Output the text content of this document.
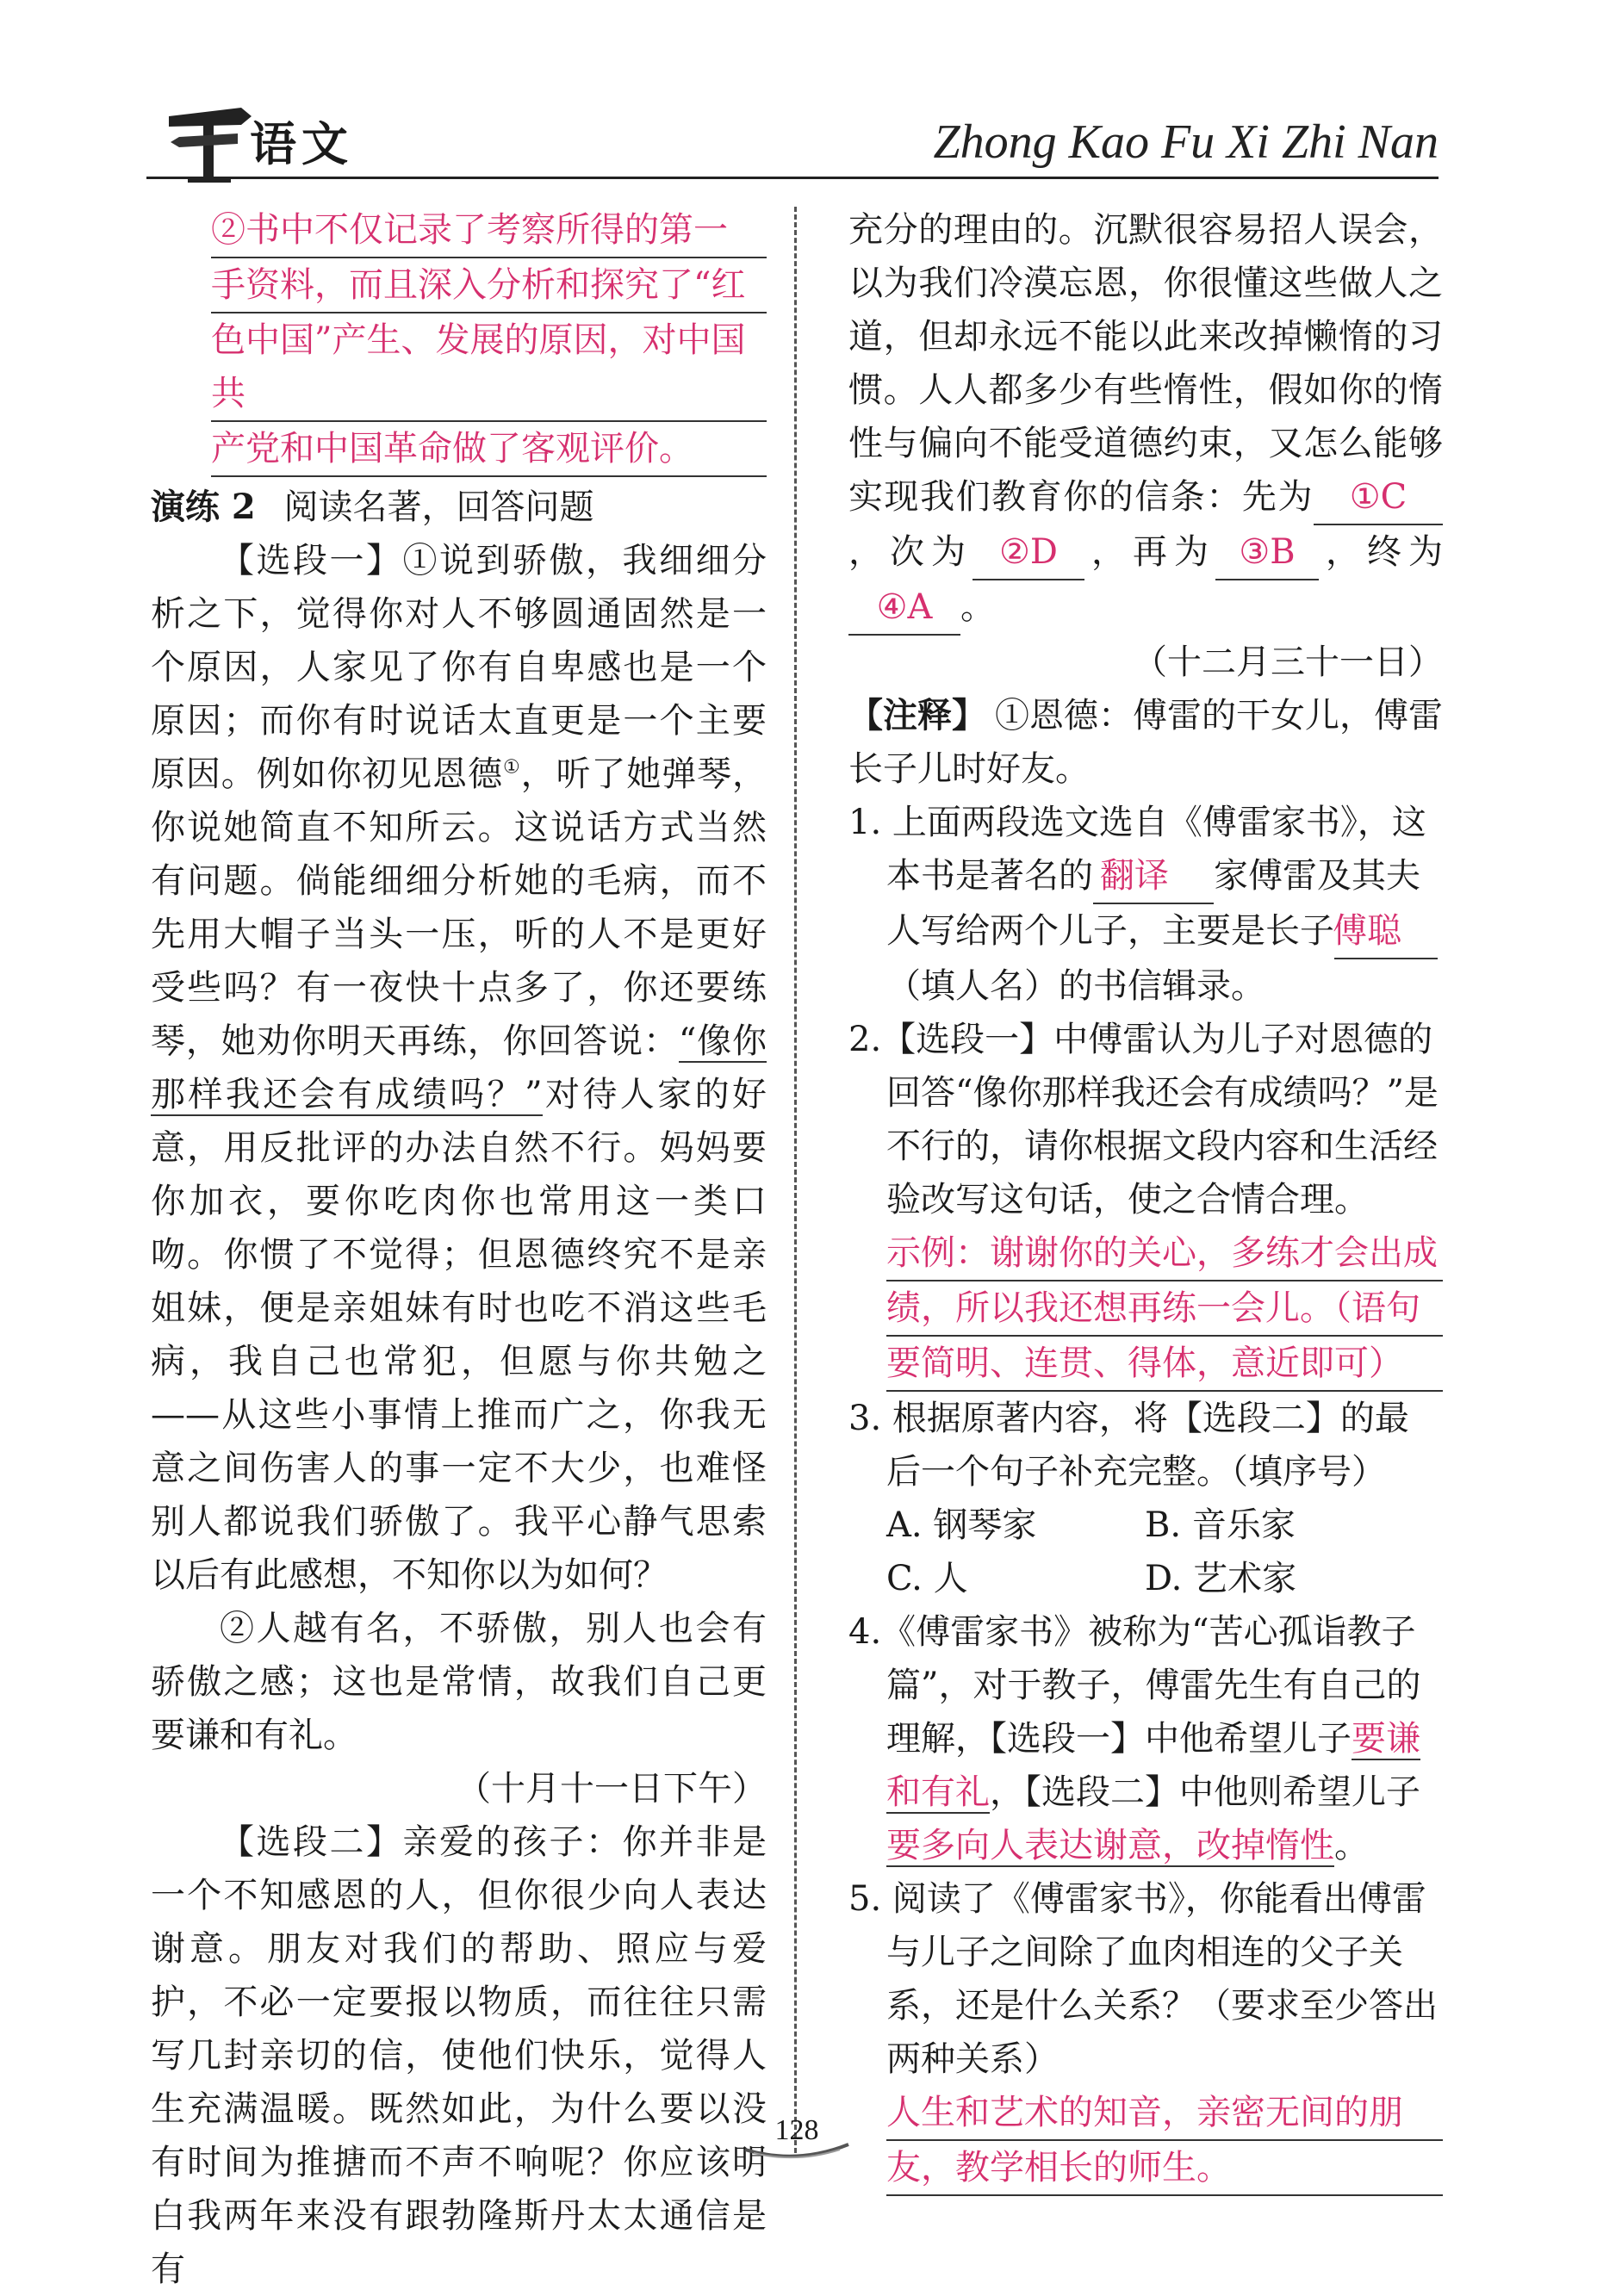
语文	Zhong Kao Fu Xi Zhi Nan
②书中不仅记录了考察所得的第一
手资料，而且深入分析和探究了“红
色中国”产生、发展的原因，对中国共
产党和中国革命做了客观评价。

演练 2 阅读名著，回答问题

【选段一】①说到骄傲，我细细分析之下，觉得你对人不够圆通固然是一个原因，人家见了你有自卑感也是一个原因；而你有时说话太直更是一个主要原因。例如你初见恩德①，听了她弹琴，你说她简直不知所云。这说话方式当然有问题。倘能细细分析她的毛病，而不先用大帽子当头一压，听的人不是更好受些吗？有一夜快十点多了，你还要练琴，她劝你明天再练，你回答说：“像你那样我还会有成绩吗？”对待人家的好意，用反批评的办法自然不行。妈妈要你加衣，要你吃肉你也常用这一类口吻。你惯了不觉得；但恩德终究不是亲姐妹，便是亲姐妹有时也吃不消这些毛病，我自己也常犯，但愿与你共勉之——从这些小事情上推而广之，你我无意之间伤害人的事一定不大少，也难怪别人都说我们骄傲了。我平心静气思索以后有此感想，不知你以为如何？

②人越有名，不骄傲，别人也会有骄傲之感；这也是常情，故我们自己更要谦和有礼。

（十月十一日下午）

【选段二】亲爱的孩子：你并非是一个不知感恩的人，但你很少向人表达谢意。朋友对我们的帮助、照应与爱护，不必一定要报以物质，而往往只需写几封亲切的信，使他们快乐，觉得人生充满温暖。既然如此，为什么要以没有时间为推搪而不声不响呢？你应该明白我两年来没有跟勃隆斯丹太太通信是有

充分的理由的。沉默很容易招人误会，以为我们冷漠忘恩，你很懂这些做人之道，但却永远不能以此来改掉懒惰的习惯。人人都多少有些惰性，假如你的惰性与偏向不能受道德约束，又怎么能够实现我们教育你的信条：先为 ①C，次为 ②D ，再为 ③B ，终为④A 。

（十二月三十一日）

【注释】 ①恩德：傅雷的干女儿，傅雷长子儿时好友。

1. 上面两段选文选自《傅雷家书》，这本书是著名的 翻译 家傅雷及其夫人写给两个儿子，主要是长子傅聪（填人名）的书信辑录。

2.【选段一】中傅雷认为儿子对恩德的回答“像你那样我还会有成绩吗？”是不行的，请你根据文段内容和生活经验改写这句话，使之合情合理。

示例：谢谢你的关心，多练才会出成
绩，所以我还想再练一会儿。（语句
要简明、连贯、得体，意近即可）

3. 根据原著内容，将【选段二】的最后一个句子补充完整。（填序号）

A. 钢琴家	B. 音乐家
C. 人	D. 艺术家

4.《傅雷家书》被称为“苦心孤诣教子篇”，对于教子，傅雷先生有自己的理解，【选段一】中他希望儿子要谦和有礼，【选段二】中他则希望儿子要多向人表达谢意，改掉惰性。

5. 阅读了《傅雷家书》，你能看出傅雷与儿子之间除了血肉相连的父子关系，还是什么关系？（要求至少答出两种关系）

人生和艺术的知音，亲密无间的朋
友，教学相长的师生。
128
